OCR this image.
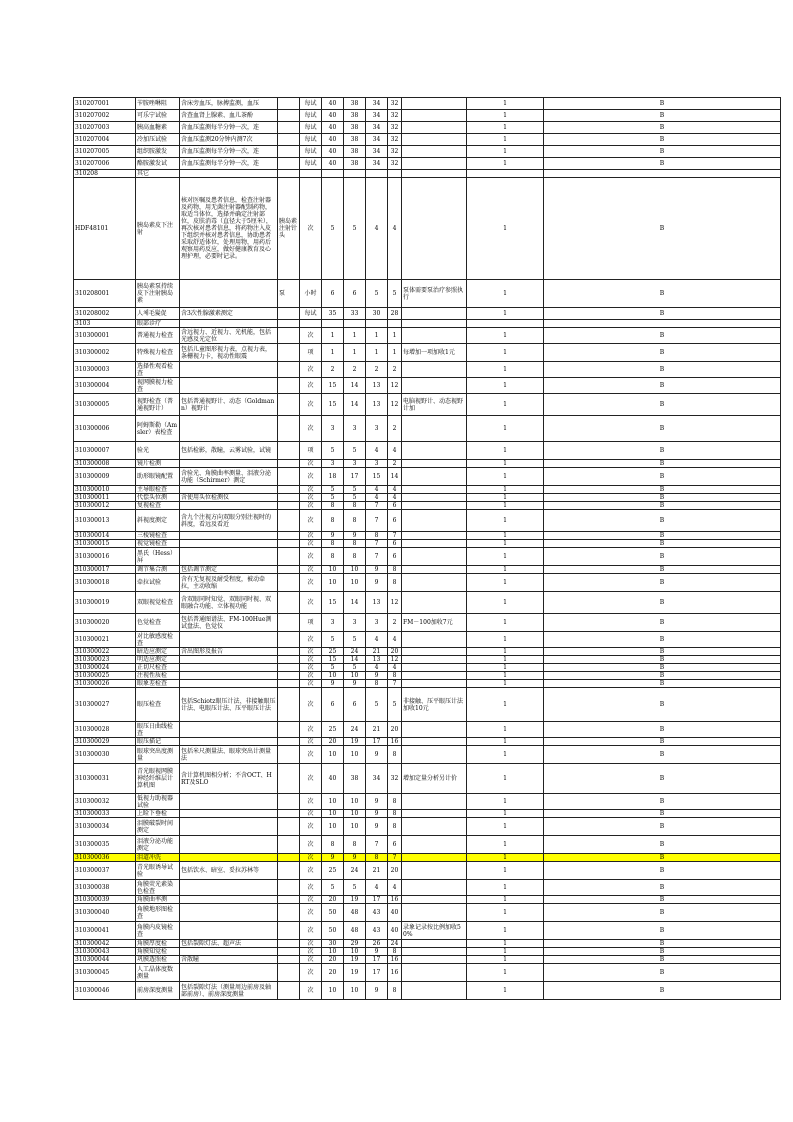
310207001	苄胺唑啉阻	含床旁血压，脉搏监测，血压		每试	40	38	34	32		1	B
310207002	可乐宁试验	含查血肾上腺素、血儿茶酚		每试	40	38	34	32		1	B
310207003	胰高血糖素	含血压监测每半分钟一次，连		每试	40	38	34	32		1	B
310207004	冷加压试验	含血压监测20分钟内测7次		每试	40	38	34	32		1	B
310207005	组织胺激发	含血压监测每半分钟一次，连		每试	40	38	34	32		1	B
310207006	酪胺激发试	含血压监测每半分钟一次，连		每试	40	38	34	32		1	B
310208	其它										
HDF48101	胰岛素皮下注射	核对医嘱及患者信息，检查注射器及药物，用无菌注射器配制药物，取适当体位，选择并确定注射部位，皮肤消毒（直径大于5厘米），再次核对患者信息，将药物注入皮下组织并核对患者信息，协助患者采取舒适体位，处理用物，用药后观察用药反应，做好健康教育及心理护理，必要时记录。	胰岛素注射针头	次	5	5	4	4		1	B
310208001	胰岛素泵持续皮下注射胰岛素		泵	小时	6	6	5	5	泵体需要泵治疗参照执行	1	B
310208002	人체毛髮促	含3次性腺激素测定		每试	35	33	30	28		1	B
3103	眼部诊疗										
310300001	普通视力检查	含远视力、近视力、光机能，包括光感及光定位		次	1	1	1	1		1	B
310300002	特殊视力检查	包括儿童图形视力表，点视力表，条栅视力卡，视动性眼震		项	1	1	1	1	每增加一项加收1元	1	B
310300003	选择性观看检查			次	2	2	2	2		1	B
310300004	视网膜视力检查			次	15	14	13	12		1	B
310300005	视野检查（普通视野计）	包括普通视野计、动态（Goldmann）视野计		次	15	14	13	12	电脑视野计、动态视野计加	1	B
310300006	阿姆斯勒（Amsler）表检查			次	3	3	3	2		1	B
310300007	验光	包括检影，散瞳，云雾试验，试镜		项	5	5	4	4		1	B
310300008	镜片检测			次	3	3	3	2		1	B
310300009	助形眼镜配置	含验光、角膜曲率测量、泪液分泌功能（Schirmer）测定		次	18	17	15	14		1	B
310300010	主导眼检查			次	5	5	4	4		1	B
310300011	代偿头位测	含使用头位检测仪		次	5	5	4	4		1	B
310300012	复视检查			次	8	8	7	6		1	B
310300013	斜视度测定	含九个注视方向双眼分别注视时的斜度，看远及看近		次	8	8	7	6		1	B
310300014	三棱镜检查			次	9	9	8	7		1	B
310300015	视觉镜检查			次	8	8	7	6		1	B
310300016	黑氏（Hess）屏			次	8	8	7	6		1	B
310300017	调节集合测	包括调节测定		次	10	10	9	8		1	B
310300018	牵拉试验	含有无复视及耐受程度，被动牵拉，主动收缩		次	10	10	9	8		1	B
310300019	双眼视觉检查	含双眼同时知觉、双眼同时视、双眼融合功能、立体视功能		次	15	14	13	12		1	B
310300020	色觉检查	包括普通图谱法、FM-100Hue测试盘法、色觉仪		项	3	3	3	2	FM－100加收7元	1	B
310300021	对比敏感度检查			次	5	5	4	4		1	B
310300022	暗适应测定	含出图形及报告		次	25	24	21	20		1	B
310300023	明适应测定			次	15	14	13	12		1	B
310300024	正切尺检查			次	5	5	4	4		1	B
310300025	注视性质检			次	10	10	9	8		1	B
310300026	眼象差检查			次	9	9	8	7		1	B
310300027	眼压检查	包括Schiotz眼压计法、非接触眼压计法、电眼压计法、压平眼压计法		次	6	6	5	5	非接触、压平眼压计法加收10元	1	B
310300028	眼压日曲线检查			次	25	24	21	20		1	B
310300029	眼压描记			次	20	19	17	16		1	B
310300030	眼球突出度测量	包括米尺测量法、眼球突出计测量法		次	10	10	9	8		1	B
310300031	青光眼视网膜神经纤维层计算机图	含计算机图相分析；不含OCT、HRT及SLO		次	40	38	34	32	增加定量分析另计价	1	B
310300032	低视力助视器试验			次	10	10	9	8		1	B
310300033	上睑下垂检			次	10	10	9	8		1	B
310300034	泪膜破裂时间测定			次	10	10	9	8		1	B
310300035	泪液分泌功能测定			次	8	8	7	6		1	B
310300036	泪道冲洗			次	9	9	8	7		1	B
310300037	青光眼诱导试验	包括饮水、暗室、妥拉苏林等		次	25	24	21	20		1	B
310300038	角膜荧光素染色检查			次	5	5	4	4		1	B
310300039	角膜曲率测			次	20	19	17	16		1	B
310300040	角膜地形图检查			次	50	48	43	40		1	B
310300041	角膜内皮镜检查			次	50	48	43	40	录象记录按比例加收50%	1	B
310300042	角膜厚度检	包括裂隙灯法、超声法		次	30	29	26	24		1	B
310300043	角膜知觉检			次	10	10	9	8		1	B
310300044	巩膜透照检	含散瞳		次	20	19	17	16		1	B
310300045	人工晶体度数测量			次	20	19	17	16		1	B
310300046	前房深度测量	包括裂隙灯法（测量周边前房及轴部前房）、前房深度测量		次	10	10	9	8		1	B
